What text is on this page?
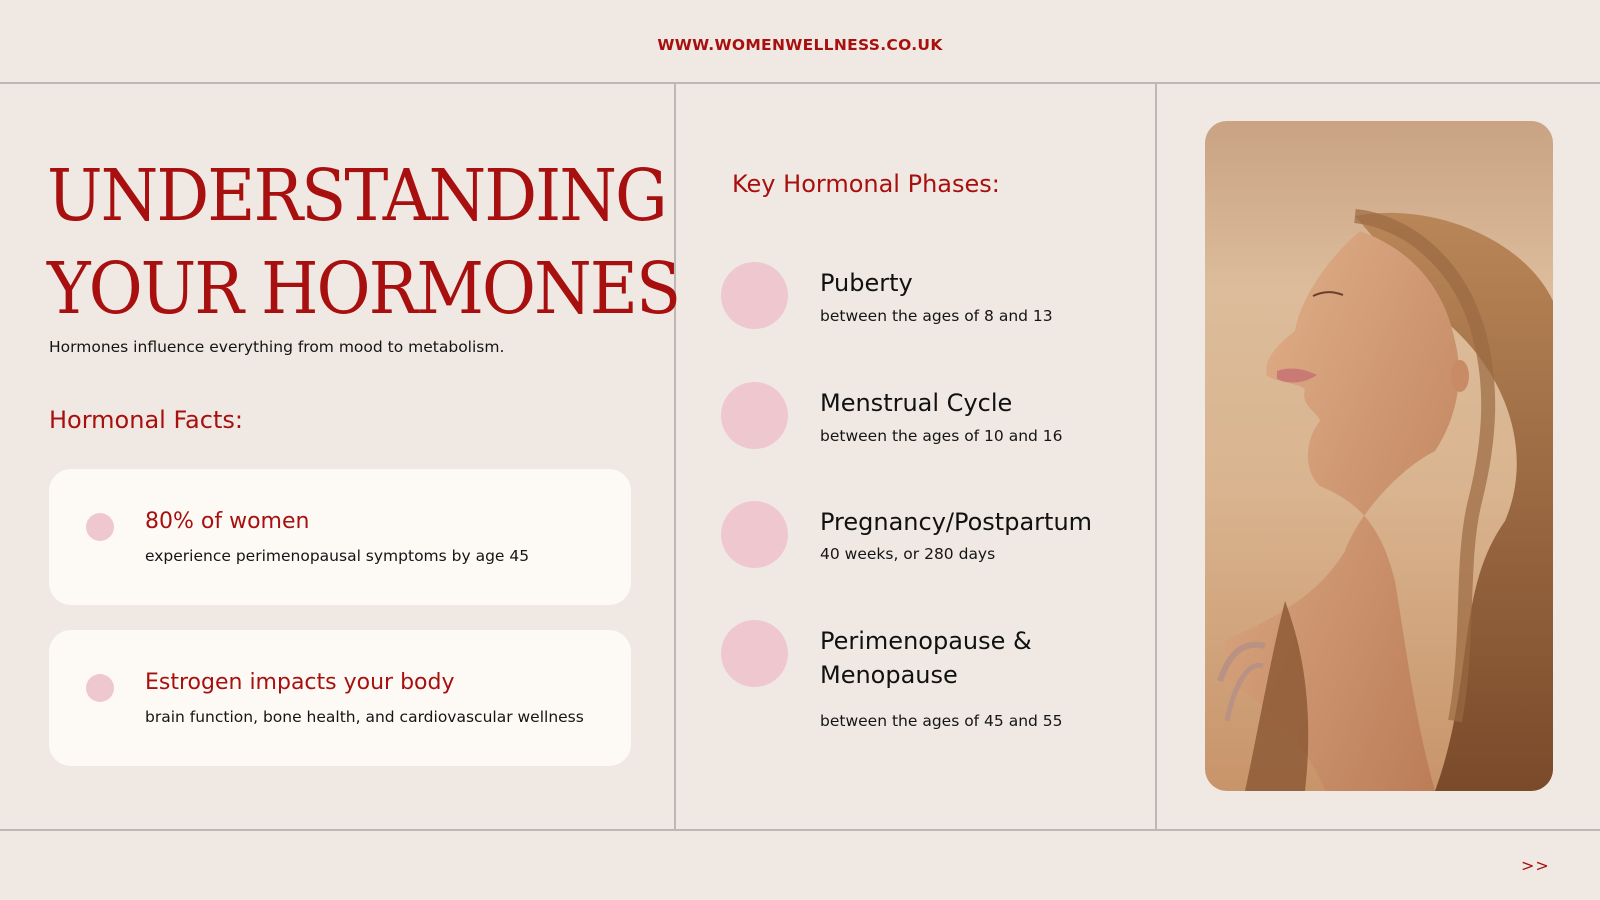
WWW.WOMENWELLNESS.CO.UK
UNDERSTANDING
YOUR HORMONES
Hormones influence everything from mood to metabolism.
Hormonal Facts:
80% of women
experience perimenopausal symptoms by age 45
Estrogen impacts your body
brain function, bone health, and cardiovascular wellness
Key Hormonal Phases:
Puberty
between the ages of 8 and 13
Menstrual Cycle
between the ages of 10 and 16
Pregnancy/Postpartum
40 weeks, or 280 days
Perimenopause & Menopause
between the ages of 45 and 55
>>
